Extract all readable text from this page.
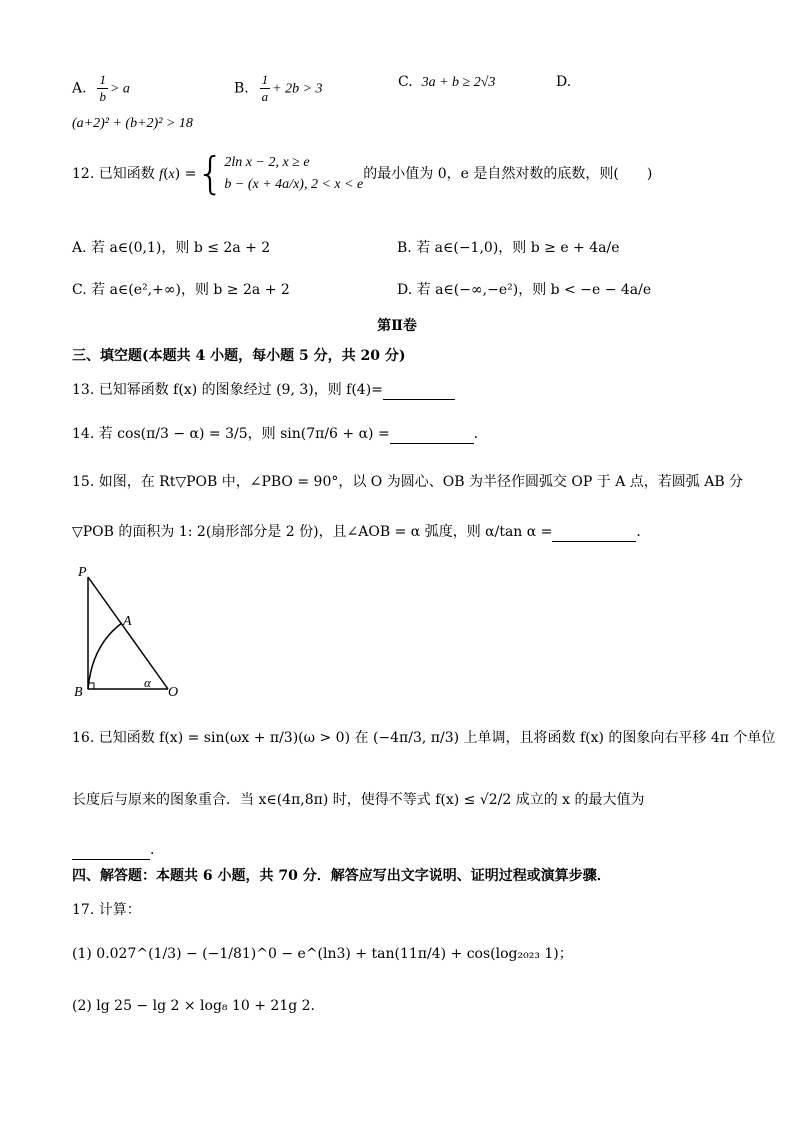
A. $\frac{1}{b} > a$	B. $\frac{1}{a} + 2b > 3$	C. 3a + b ≥ 2√3	D.
(a+2)² + (b+2)² > 18
12. 已知函数 f(x) ={ 2ln x − 2, x ≥ e
b − (x + 4a/x), 2 < x < e
的最小值为 0，e 是自然对数的底数，则(　　)
A. 若 a∈(0,1)，则 b ≤ 2a + 2	B. 若 a∈(−1,0)，则 b ≥ e + 4a/e
C. 若 a∈(e²,+∞)，则 b ≥ 2a + 2	D. 若 a∈(−∞,−e²)，则 b < −e − 4a/e
第Ⅱ卷
三、填空题(本题共 4 小题，每小题 5 分，共 20 分)
13. 已知幂函数 f(x) 的图象经过 (9, 3)，则 f(4)=
14. 若 cos(π/3 − α) = 3/5，则 sin(7π/6 + α) =	．
15. 如图，在 Rt▽POB 中，∠PBO = 90°，以 O 为圆心、OB 为半径作圆弧交 OP 于 A 点，若圆弧 AB 分
▽POB 的面积为 1: 2(扇形部分是 2 份)，且∠AOB = α 弧度，则 α/tan α =	．
P
A
B	O
α
16. 已知函数 f(x) = sin(ωx + π/3)(ω > 0) 在 (−4π/3, π/3) 上单调，且将函数 f(x) 的图象向右平移 4π 个单位
长度后与原来的图象重合．当 x∈(4π,8π) 时，使得不等式 f(x) ≤ √2/2 成立的 x 的最大值为
．
四、解答题：本题共 6 小题，共 70 分．解答应写出文字说明、证明过程或演算步骤．
17. 计算：
(1) 0.027^(1/3) − (−1/81)^0 − e^(ln3) + tan(11π/4) + cos(log₂₀₂₃ 1)；
(2) lg 25 − lg 2 × log₈ 10 + 21g 2．
